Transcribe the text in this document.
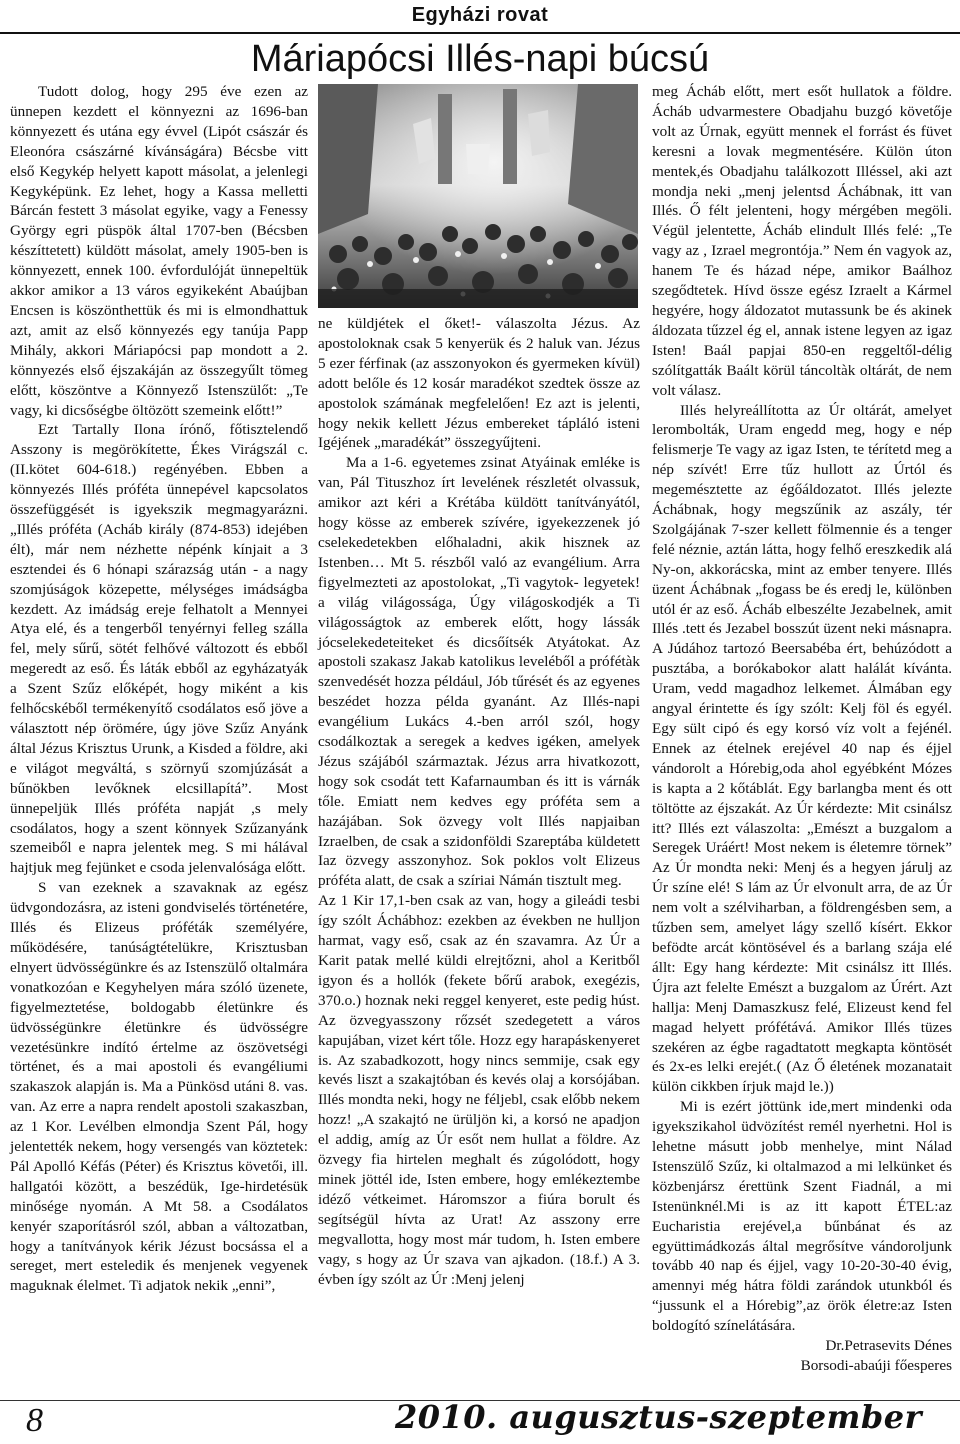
Egyházi rovat
Máriapócsi Illés-napi búcsú

Tudott dolog, hogy 295 éve ezen az ünnepen kezdett el könnyezni az 1696-ban könnyezett és utána egy évvel (Lipót császár és Eleonóra császárné kívánságára) Bécsbe vitt első Kegykép helyett kapott másolat, a jelenlegi Kegyképünk. Ez lehet, hogy a Kassa melletti Bárcán festett 3 másolat egyike, vagy a Fenessy György egri püspök által 1707-ben (Bécsben készíttetett) küldött másolat, amely 1905-ben is könnyezett, ennek 100. évfordulóját ünnepeltük akkor amikor a 13 város egyikeként Abaújban Encsen is köszönthettük és mi is elmondhattuk azt, amit az első könnyezés egy tanúja Papp Mihály, akkori Máriapócsi pap mondott a 2. könnyezés első éjszakáján az összegyűlt tömeg előtt, köszöntve a Könnyező Istenszülőt: „Te vagy, ki dicsőségbe öltözött szemeink előtt!”

Ezt Tartally Ilona írónő, főtisztelendő Asszony is megörökítette, Ékes Virágszál c. (II.kötet 604-618.) regényében. Ebben a könnyezés Illés próféta ünnepével kapcsolatos összefüggését is igyekszik megmagyarázni. „Illés próféta (Acháb király (874-853) idejében élt), már nem nézhette népénk kínjait a 3 esztendei és 6 hónapi szárazság után - a nagy szomjúságok közepette, mélységes imádságba kezdett. Az imádság ereje felhatolt a Mennyei Atya elé, és a tengerből tenyérnyi felleg szálla fel, mely sűrű, sötét felhővé változott és ebből megeredt az eső. És láták ebből az egyházatyák a Szent Szűz előképét, hogy miként a kis felhőcskéből termékenyítő csodálatos eső jöve a választott nép örömére, úgy jöve Szűz Anyánk által Jézus Krisztus Urunk, a Kisded a földre, aki e világot megváltá, s szörnyű szomjúzását a bűnökben levőknek elcsillapítá”. Most ünnepeljük Illés próféta napját ,s mely csodálatos, hogy a szent könnyek Szűzanyánk szemeiből e napra jelentek meg. S mi hálával hajtjuk meg fejünket e csoda jelenvalósága előtt.

S van ezeknek a szavaknak az egész üdvgondozásra, az isteni gondviselés történetére, Illés és Elizeus próféták személyére, működésére, tanúságtételükre, Krisztusban elnyert üdvösségünkre és az Istenszülő oltalmára vonatkozóan e Kegyhelyen mára szóló üzenete, figyelmeztetése, boldogabb életünkre és üdvösségünkre életünkre és üdvösségre vezetésünkre indító értelme az öszövetségi történet, és a mai apostoli és evangéliumi szakaszok alapján is. Ma a Pünkösd utáni 8. vas. van. Az erre a napra rendelt apostoli szakaszban, az 1 Kor. Levélben elmondja Szent Pál, hogy jelentették nekem, hogy versengés van köztetek: Pál Apolló Kéfás (Péter) és Krisztus követői, ill. hallgatói között, a beszédük, Ige-hirdetésük minősége nyomán. A Mt 58. a Csodálatos kenyér szaporításról szól, abban a változatban, hogy a tanítványok kérik Jézust bocsássa el a sereget, mert esteledik és menjenek vegyenek maguknak élelmet. Ti adjatok nekik „enni”,

ne küldjétek el őket!- válaszolta Jézus. Az apostoloknak csak 5 kenyerük és 2 haluk van. Jézus 5 ezer férfinak (az asszonyokon és gyermeken kívül) adott belőle és 12 kosár maradékot szedtek össze az apostolok számának megfelelően! Ez azt is jelenti, hogy nekik kellett Jézus embereket tápláló isteni Igéjének „maradékát” összegyűjteni.

Ma a 1-6. egyetemes zsinat Atyáinak emléke is van, Pál Tituszhoz írt levelének részletét olvassuk, amikor azt kéri a Krétába küldött tanítványától, hogy kösse az emberek szívére, igyekezzenek jó cselekedetekben előhaladni, akik hisznek az Istenben… Mt 5. részből való az evangélium. Arra figyelmezteti az apostolokat, „Ti vagytok- legyetek! a világ világossága, Úgy világoskodjék a Ti világosságtok az emberek előtt, hogy lássák jócselekedeteiteket és dicsőítsék Atyátokat. Az apostoli szakasz Jakab katolikus leveléből a prófétàk szenvedését hozza például, Jób tűrését és az egyenes beszédet hozza példa gyanánt. Az Illés-napi evangélium Lukács 4.-ben arról szól, hogy csodálkoztak a seregek a kedves igéken, amelyek Jézus szájából származtak. Jézus arra hivatkozott, hogy sok csodát tett Kafarnaumban és itt is várnák tőle. Emiatt nem kedves egy próféta sem a hazájában. Sok özvegy volt Illés napjaiban Izraelben, de csak a szidonföldi Szareptába küldetett Iaz özvegy asszonyhoz. Sok poklos volt Elizeus próféta alatt, de csak a szíriai Námán tisztult meg.

Az 1 Kir 17,1-ben csak az van, hogy a gileádi tesbi így szólt Áchábhoz: ezekben az években ne hulljon harmat, vagy eső, csak az én szavamra. Az Úr a Karit patak mellé küldi elrejtőzni, ahol a Keritből igyon és a hollók (fekete bőrű arabok, exegézis, 370.o.) hoznak neki reggel kenyeret, este pedig húst. Az özvegyasszony rőzsét szedegetett a város kapujában, vizet kért tőle. Hozz egy harapáskenyeret is. Az szabadkozott, hogy nincs semmije, csak egy kevés liszt a szakajtóban és kevés olaj a korsójában. Illés mondta neki, hogy ne féljebl, csak előbb nekem hozz! „A szakajtó ne ürüljön ki, a korsó ne apadjon el addig, amíg az Úr esőt nem hullat a földre. Az özvegy fia hirtelen meghalt és zúgolódott, hogy minek jöttél ide, Isten embere, hogy emlékeztembe idéző vétkeimet. Háromszor a fiúra borult és segítségül hívta az Urat! Az asszony erre megvallotta, hogy most már tudom, h. Isten embere vagy, s hogy az Úr szava van ajkadon. (18.f.) A 3. évben így szólt az Úr :Menj jelenj

meg Ácháb előtt, mert esőt hullatok a földre. Ácháb udvarmestere Obadjahu buzgó követője volt az Úrnak, együtt mennek el forrást és füvet keresni a lovak megmentésére. Külön úton mentek,és Obadjahu találkozott Illéssel, aki azt mondja neki „menj jelentsd Áchábnak, itt van Illés. Ő félt jelenteni, hogy mérgében megöli. Végül jelentette, Ácháb elindult Illés felé: „Te vagy az , Izrael megrontója.” Nem én vagyok az, hanem Te és házad népe, amikor Baálhoz szegődtetek. Hívd össze egész Izraelt a Kármel hegyére, hogy áldozatot mutassunk be és akinek áldozata tűzzel ég el, annak istene legyen az igaz Isten! Baál papjai 850-en reggeltől-délig szólítgatták Baált körül táncoltàk oltárát, de nem volt válasz.

Illés helyreállította az Úr oltárát, amelyet lerombolták, Uram engedd meg, hogy e nép felismerje Te vagy az igaz Isten, te térítetd meg a nép szívét! Erre tűz hullott az Úrtól és megemésztette az égőáldozatot. Illés jelezte Áchábnak, hogy megszűnik az aszály, tér Szolgájának 7-szer kellett fölmennie és a tenger felé néznie, aztán látta, hogy felhő ereszkedik alá Ny-on, akkorácska, mint az ember tenyere. Illés üzent Áchábnak „fogass be és eredj le, különben utól ér az eső. Ácháb elbeszélte Jezabelnek, amit Illés .tett és Jezabel bosszút üzent neki másnapra. A Júdához tartozó Beersabéba ért, behúzódott a pusztába, a borókabokor alatt halálát kívánta. Uram, vedd magadhoz lelkemet. Álmában egy angyal érintette és így szólt: Kelj föl és egyél. Egy sült cipó és egy korsó víz volt a fejénél. Ennek az ételnek erejével 40 nap és éjjel vándorolt a Hórebig,oda ahol egyébként Mózes is kapta a 2 kőtáblát. Egy barlangba ment és ott töltötte az éjszakát. Az Úr kérdezte: Mit csinálsz itt? Illés ezt válaszolta: „Emészt a buzgalom a Seregek Uráért! Most nekem is életemre törnek” Az Úr mondta neki: Menj és a hegyen járulj az Úr színe elé! S lám az Úr elvonult arra, de az Úr nem volt a szélviharban, a földrengésben sem, a tűzben sem, amelyet lágy szellő kísért. Ekkor befödte arcát köntösével és a barlang szája elé állt: Egy hang kérdezte: Mit csinálsz itt Illés. Újra azt felelte Emészt a buzgalom az Úrért. Azt hallja: Menj Damaszkusz felé, Elizeust kend fel magad helyett prófétává. Amikor Illés tüzes szekéren az égbe ragadtatott megkapta köntösét és 2x-es lelki erejét.( (Az Ő életének mozanatait külön cikkben írjuk majd le.))

Mi is ezért jöttünk ide,mert mindenki oda igyekszikahol üdvözítést remél nyerhetni. Hol is lehetne másutt jobb menhelye, mint Nálad Istenszülő Szűz, ki oltalmazod a mi lelkünket és közbenjársz érettünk Szent Fiadnál, a mi Istenünknél.Mi is az itt kapott ÉTEL:az Eucharistia erejével,a bűnbánat és az együttimádkozás által megrősítve vándoroljunk tovább 40 nap és éjjel, vagy 10-20-30-40 évig, amennyi még hátra földi zarándok utunkból és “jussunk el a Hórebig”,az örök életre:az Isten boldogító színelátására.

Dr.Petrasevits Dénes

Borsodi-abaúji főesperes

8	2010. augusztus-szeptember
